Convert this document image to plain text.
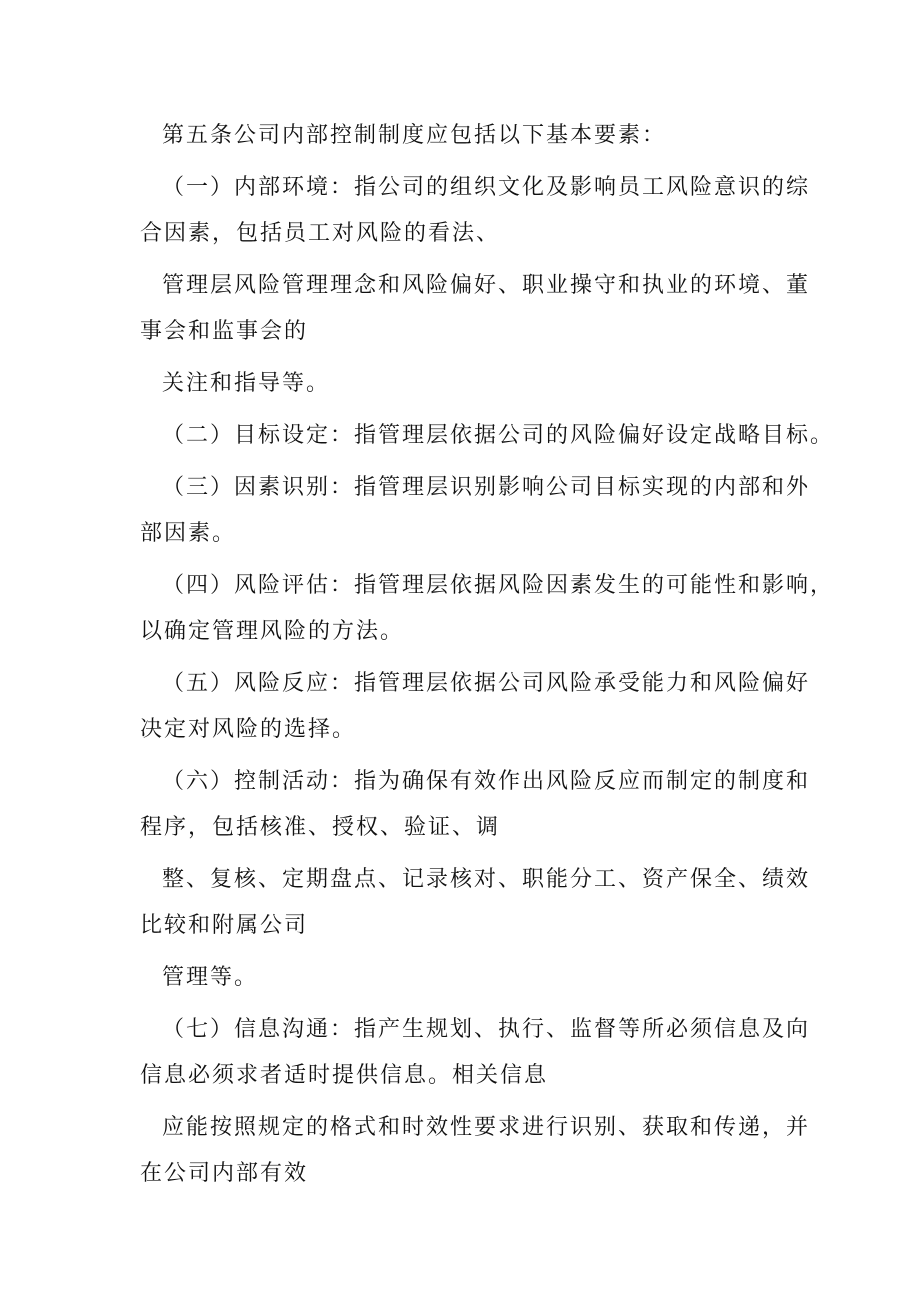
第五条公司内部控制制度应包括以下基本要素：
（一）内部环境：指公司的组织文化及影响员工风险意识的综
合因素，包括员工对风险的看法、
管理层风险管理理念和风险偏好、职业操守和执业的环境、董
事会和监事会的
关注和指导等。
（二）目标设定：指管理层依据公司的风险偏好设定战略目标。
（三）因素识别：指管理层识别影响公司目标实现的内部和外
部因素。
（四）风险评估：指管理层依据风险因素发生的可能性和影响，
以确定管理风险的方法。
（五）风险反应：指管理层依据公司风险承受能力和风险偏好
决定对风险的选择。
（六）控制活动：指为确保有效作出风险反应而制定的制度和
程序，包括核准、授权、验证、调
整、复核、定期盘点、记录核对、职能分工、资产保全、绩效
比较和附属公司
管理等。
（七）信息沟通：指产生规划、执行、监督等所必须信息及向
信息必须求者适时提供信息。相关信息
应能按照规定的格式和时效性要求进行识别、获取和传递，并
在公司内部有效
